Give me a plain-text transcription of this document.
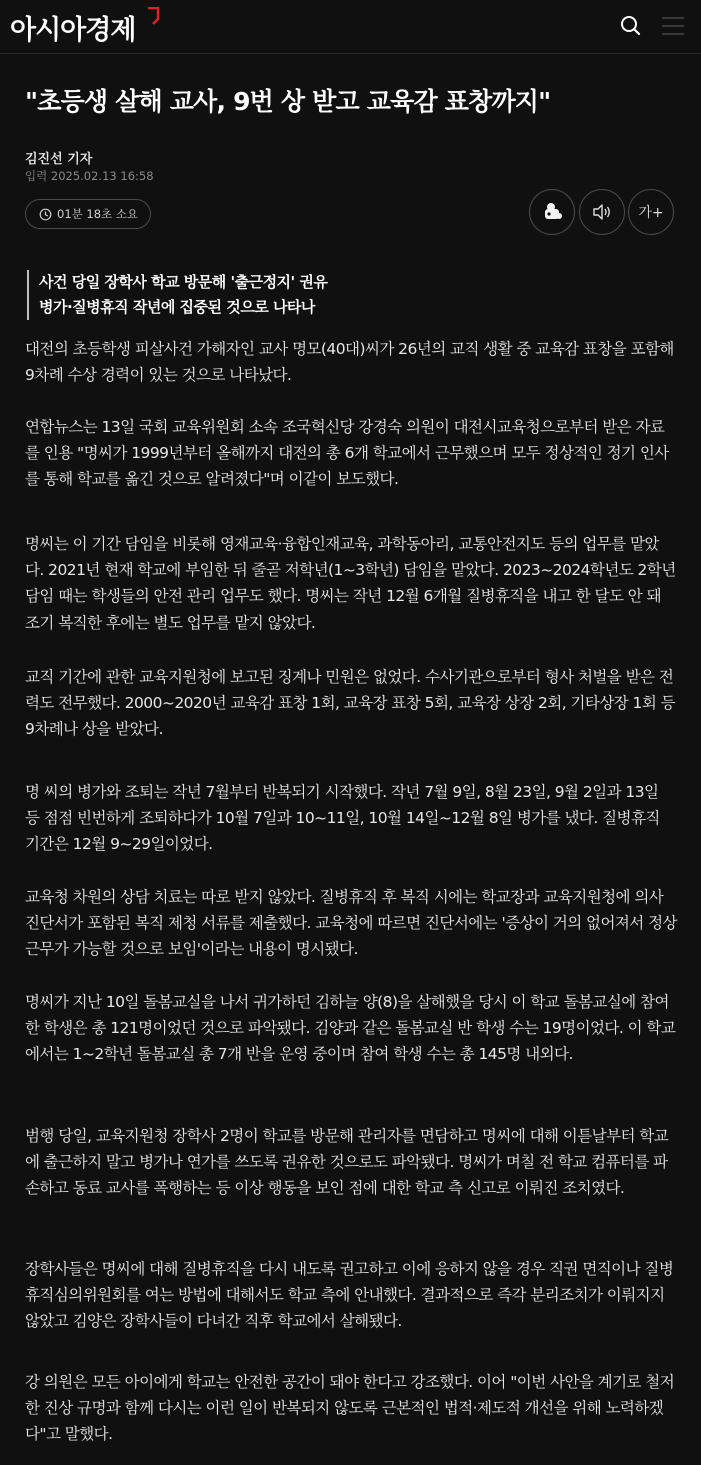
아시아경제
"초등생 살해 교사, 9번 상 받고 교육감 표창까지"
김진선 기자
입력 2025.02.13 16:58
01분 18초 소요	가+
사건 당일 장학사 학교 방문해 '출근정지' 권유
병가·질병휴직 작년에 집중된 것으로 나타나

대전의 초등학생 피살사건 가해자인 교사 명모(40대)씨가 26년의 교직 생활 중 교육감 표창을 포함해 9차례 수상 경력이 있는 것으로 나타났다.

연합뉴스는 13일 국회 교육위원회 소속 조국혁신당 강경숙 의원이 대전시교육청으로부터 받은 자료를 인용 "명씨가 1999년부터 올해까지 대전의 총 6개 학교에서 근무했으며 모두 정상적인 정기 인사를 통해 학교를 옮긴 것으로 알려졌다"며 이같이 보도했다.

명씨는 이 기간 담임을 비롯해 영재교육·융합인재교육, 과학동아리, 교통안전지도 등의 업무를 맡았다. 2021년 현재 학교에 부임한 뒤 줄곧 저학년(1~3학년) 담임을 맡았다. 2023~2024학년도 2학년 담임 때는 학생들의 안전 관리 업무도 했다. 명씨는 작년 12월 6개월 질병휴직을 내고 한 달도 안 돼 조기 복직한 후에는 별도 업무를 맡지 않았다.

교직 기간에 관한 교육지원청에 보고된 징계나 민원은 없었다. 수사기관으로부터 형사 처벌을 받은 전력도 전무했다. 2000~2020년 교육감 표창 1회, 교육장 표창 5회, 교육장 상장 2회, 기타상장 1회 등 9차례나 상을 받았다.

명 씨의 병가와 조퇴는 작년 7월부터 반복되기 시작했다. 작년 7월 9일, 8월 23일, 9월 2일과 13일 등 점점 빈번하게 조퇴하다가 10월 7일과 10~11일, 10월 14일~12월 8일 병가를 냈다. 질병휴직 기간은 12월 9~29일이었다.

교육청 차원의 상담 치료는 따로 받지 않았다. 질병휴직 후 복직 시에는 학교장과 교육지원청에 의사진단서가 포함된 복직 제청 서류를 제출했다. 교육청에 따르면 진단서에는 '증상이 거의 없어져서 정상 근무가 가능할 것으로 보임'이라는 내용이 명시됐다.

명씨가 지난 10일 돌봄교실을 나서 귀가하던 김하늘 양(8)을 살해했을 당시 이 학교 돌봄교실에 참여한 학생은 총 121명이었던 것으로 파악됐다. 김양과 같은 돌봄교실 반 학생 수는 19명이었다. 이 학교에서는 1~2학년 돌봄교실 총 7개 반을 운영 중이며 참여 학생 수는 총 145명 내외다.

범행 당일, 교육지원청 장학사 2명이 학교를 방문해 관리자를 면담하고 명씨에 대해 이튿날부터 학교에 출근하지 말고 병가나 연가를 쓰도록 권유한 것으로도 파악됐다. 명씨가 며칠 전 학교 컴퓨터를 파손하고 동료 교사를 폭행하는 등 이상 행동을 보인 점에 대한 학교 측 신고로 이뤄진 조치였다.

장학사들은 명씨에 대해 질병휴직을 다시 내도록 권고하고 이에 응하지 않을 경우 직권 면직이나 질병휴직심의위원회를 여는 방법에 대해서도 학교 측에 안내했다. 결과적으로 즉각 분리조치가 이뤄지지 않았고 김양은 장학사들이 다녀간 직후 학교에서 살해됐다.

강 의원은 모든 아이에게 학교는 안전한 공간이 돼야 한다고 강조했다. 이어 "이번 사안을 계기로 철저한 진상 규명과 함께 다시는 이런 일이 반복되지 않도록 근본적인 법적·제도적 개선을 위해 노력하겠다"고 말했다.
